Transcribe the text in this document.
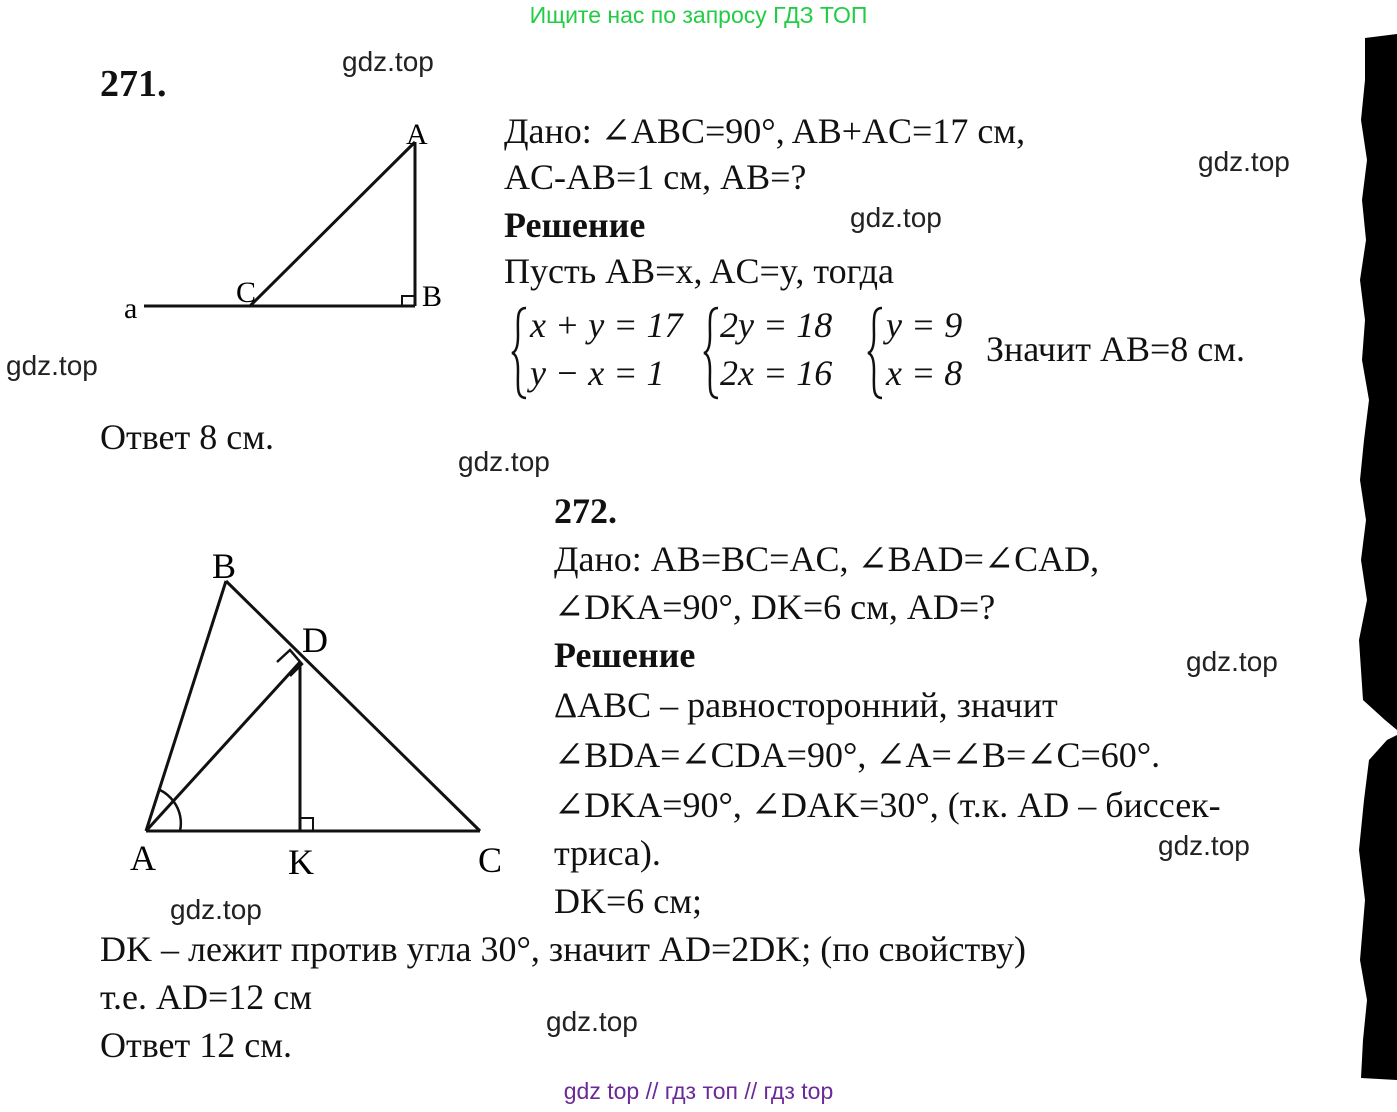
Ищите нас по запросу ГДЗ ТОП
gdz top // гдз топ // гдз top
gdz.top
gdz.top
gdz.top
gdz.top
gdz.top
gdz.top
gdz.top
gdz.top
gdz.top
271.
a
A
B
C
Дано: ∠ABC=90°, AB+AC=17 см,
AC-AB=1 см, AB=?
Решение
Пусть AB=x, AC=y, тогда
x + y = 17
y − x = 1
2y = 18
2x = 16
y = 9
x = 8
Значит AB=8 см.
Ответ 8 см.
272.
A
B
C
D
K
Дано: AB=BC=AC, ∠BAD=∠CAD,
∠DKA=90°, DK=6 см, AD=?
Решение
ΔABC – равносторонний, значит
∠BDA=∠CDA=90°, ∠A=∠B=∠C=60°.
∠DKA=90°, ∠DAK=30°, (т.к. AD – биссек-
триса).
DK=6 см;
DK – лежит против угла 30°, значит AD=2DK; (по свойству)
т.е. AD=12 см
Ответ 12 см.
